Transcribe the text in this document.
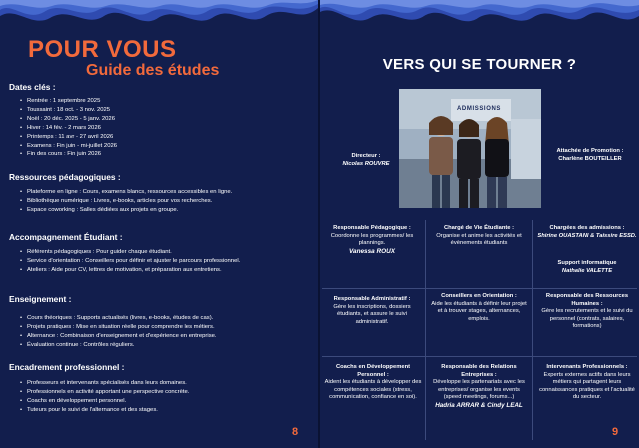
POUR VOUS
Guide des études
Dates clés :
• Rentrée : 1 septembre 2025
• Toussaint : 18 oct. - 3 nov. 2025
• Noël : 20 déc. 2025 - 5 janv. 2026
• Hiver : 14 fév. - 2 mars 2026
• Printemps : 11 avr - 27 avril 2026
• Examens : Fin juin - mi-juillet 2026
• Fin des cours : Fin juin 2026
Ressources pédagogiques :
• Plateforme en ligne : Cours, examens blancs, ressources accessibles en ligne.
• Bibliothèque numérique : Livres, e-books, articles pour vos recherches.
• Espace coworking : Salles dédiées aux projets en groupe.
Accompagnement Étudiant :
• Référents pédagogiques : Pour guider chaque étudiant.
• Service d'orientation : Conseillers pour définir et ajuster le parcours professionnel.
• Ateliers : Aide pour CV, lettres de motivation, et préparation aux entretiens.
Enseignement :
• Cours théoriques : Supports actualisés (livres, e-books, études de cas).
• Projets pratiques : Mise en situation réelle pour comprendre les métiers.
• Alternance : Combinaison d'enseignement et d'expérience en entreprise.
• Évaluation continue : Contrôles réguliers.
Encadrement professionnel :
• Professeurs et intervenants spécialisés dans leurs domaines.
• Professionnels en activité apportant une perspective concrète.
• Coachs en développement personnel.
• Tuteurs pour le suivi de l'alternance et des stages.
8
VERS QUI SE TOURNER ?
ADMISSIONS
Directeur :
Nicolas ROUVRE
Attachée de Promotion :
Charlène BOUTEILLER
Responsable Pédagogique :
Coordonne les programmes/ les plannings.
Vanessa ROUX
Chargé de Vie Étudiante :
Organise et anime les activités et évènements étudiants
Chargées des admissions :
Shirine OUASTANI & Taissire ESSD.
Support informatique
Nathalie VALETTE
Responsable Administratif :
Gère les inscriptions, dossiers étudiants, et assure le suivi administratif.
Conseillers en Orientation :
Aide les étudiants à définir leur projet et à trouver stages, alternances, emplois.
Responsable des Ressources Humaines :
Gère les recrutements et le suivi du personnel (contrats, salaires, formations)
Coachs en Développement Personnel :
Aident les étudiants à développer des compétences sociales (stress, communication, confiance en soi).
Responsable des Relations Entreprises :
Développe les partenariats avec les entreprises/ organise les events (speed meetings, forums...)
Hadria ARRAR & Cindy LEAL
Intervenants Professionnels :
Experts externes actifs dans leurs métiers qui partagent leurs connaissances pratiques et l'actualité du secteur.
9
